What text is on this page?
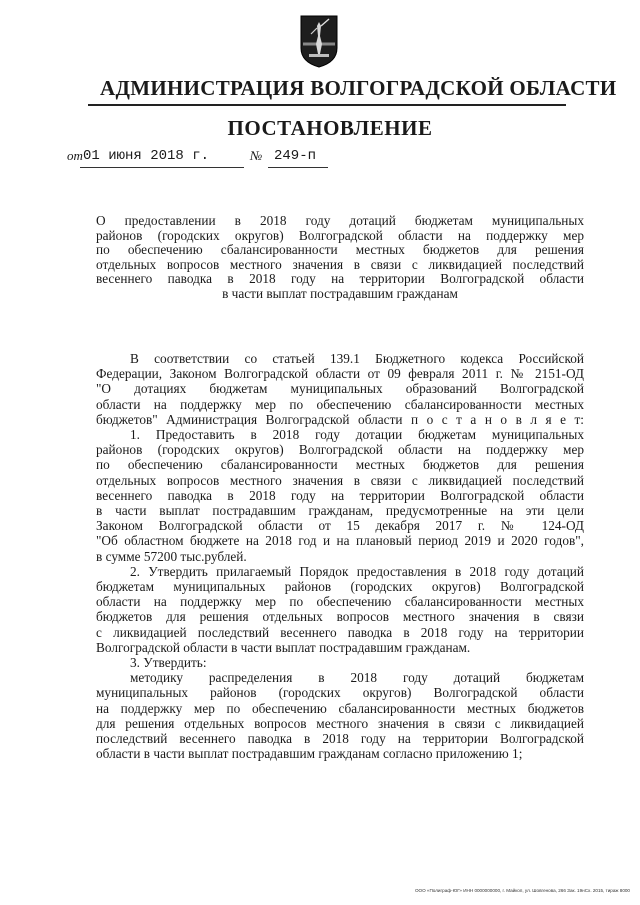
АДМИНИСТРАЦИЯ ВОЛГОГРАДСКОЙ ОБЛАСТИ
ПОСТАНОВЛЕНИЕ
от 01 июня 2018 г.	№ 249-п
О предоставлении в 2018 году дотаций бюджетам муниципальных
районов (городских округов) Волгоградской области на поддержку мер
по обеспечению сбалансированности местных бюджетов для решения
отдельных вопросов местного значения в связи с ликвидацией последствий
весеннего паводка в 2018 году на территории Волгоградской области
в части выплат пострадавшим гражданам
В соответствии со статьей 139.1 Бюджетного кодекса Российской
Федерации, Законом Волгоградской области от 09 февраля 2011 г. № 2151-ОД
"О дотациях бюджетам муниципальных образований Волгоградской
области на поддержку мер по обеспечению сбалансированности местных
бюджетов" Администрация Волгоградской области п о с т а н о в л я е т:
1. Предоставить в 2018 году дотации бюджетам муниципальных
районов (городских округов) Волгоградской области на поддержку мер
по обеспечению сбалансированности местных бюджетов для решения
отдельных вопросов местного значения в связи с ликвидацией последствий
весеннего паводка в 2018 году на территории Волгоградской области
в части выплат пострадавшим гражданам, предусмотренные на эти цели
Законом Волгоградской области от 15 декабря 2017 г. № 124-ОД
"Об областном бюджете на 2018 год и на плановый период 2019 и 2020 годов",
в сумме 57200 тыс.рублей.
2. Утвердить прилагаемый Порядок предоставления в 2018 году дотаций
бюджетам муниципальных районов (городских округов) Волгоградской
области на поддержку мер по обеспечению сбалансированности местных
бюджетов для решения отдельных вопросов местного значения в связи
с ликвидацией последствий весеннего паводка в 2018 году на территории
Волгоградской области в части выплат пострадавшим гражданам.
3. Утвердить:
методику распределения в 2018 году дотаций бюджетам
муниципальных районов (городских округов) Волгоградской области
на поддержку мер по обеспечению сбалансированности местных бюджетов
для решения отдельных вопросов местного значения в связи с ликвидацией
последствий весеннего паводка в 2018 году на территории Волгоградской
области в части выплат пострадавшим гражданам согласно приложению 1;
ООО «Полиграф-ЮГ» ИНН 0000000000, г. Майкоп, ул. Шовгенова, 266 Зак. 19нСх. 2015, тираж 8000
